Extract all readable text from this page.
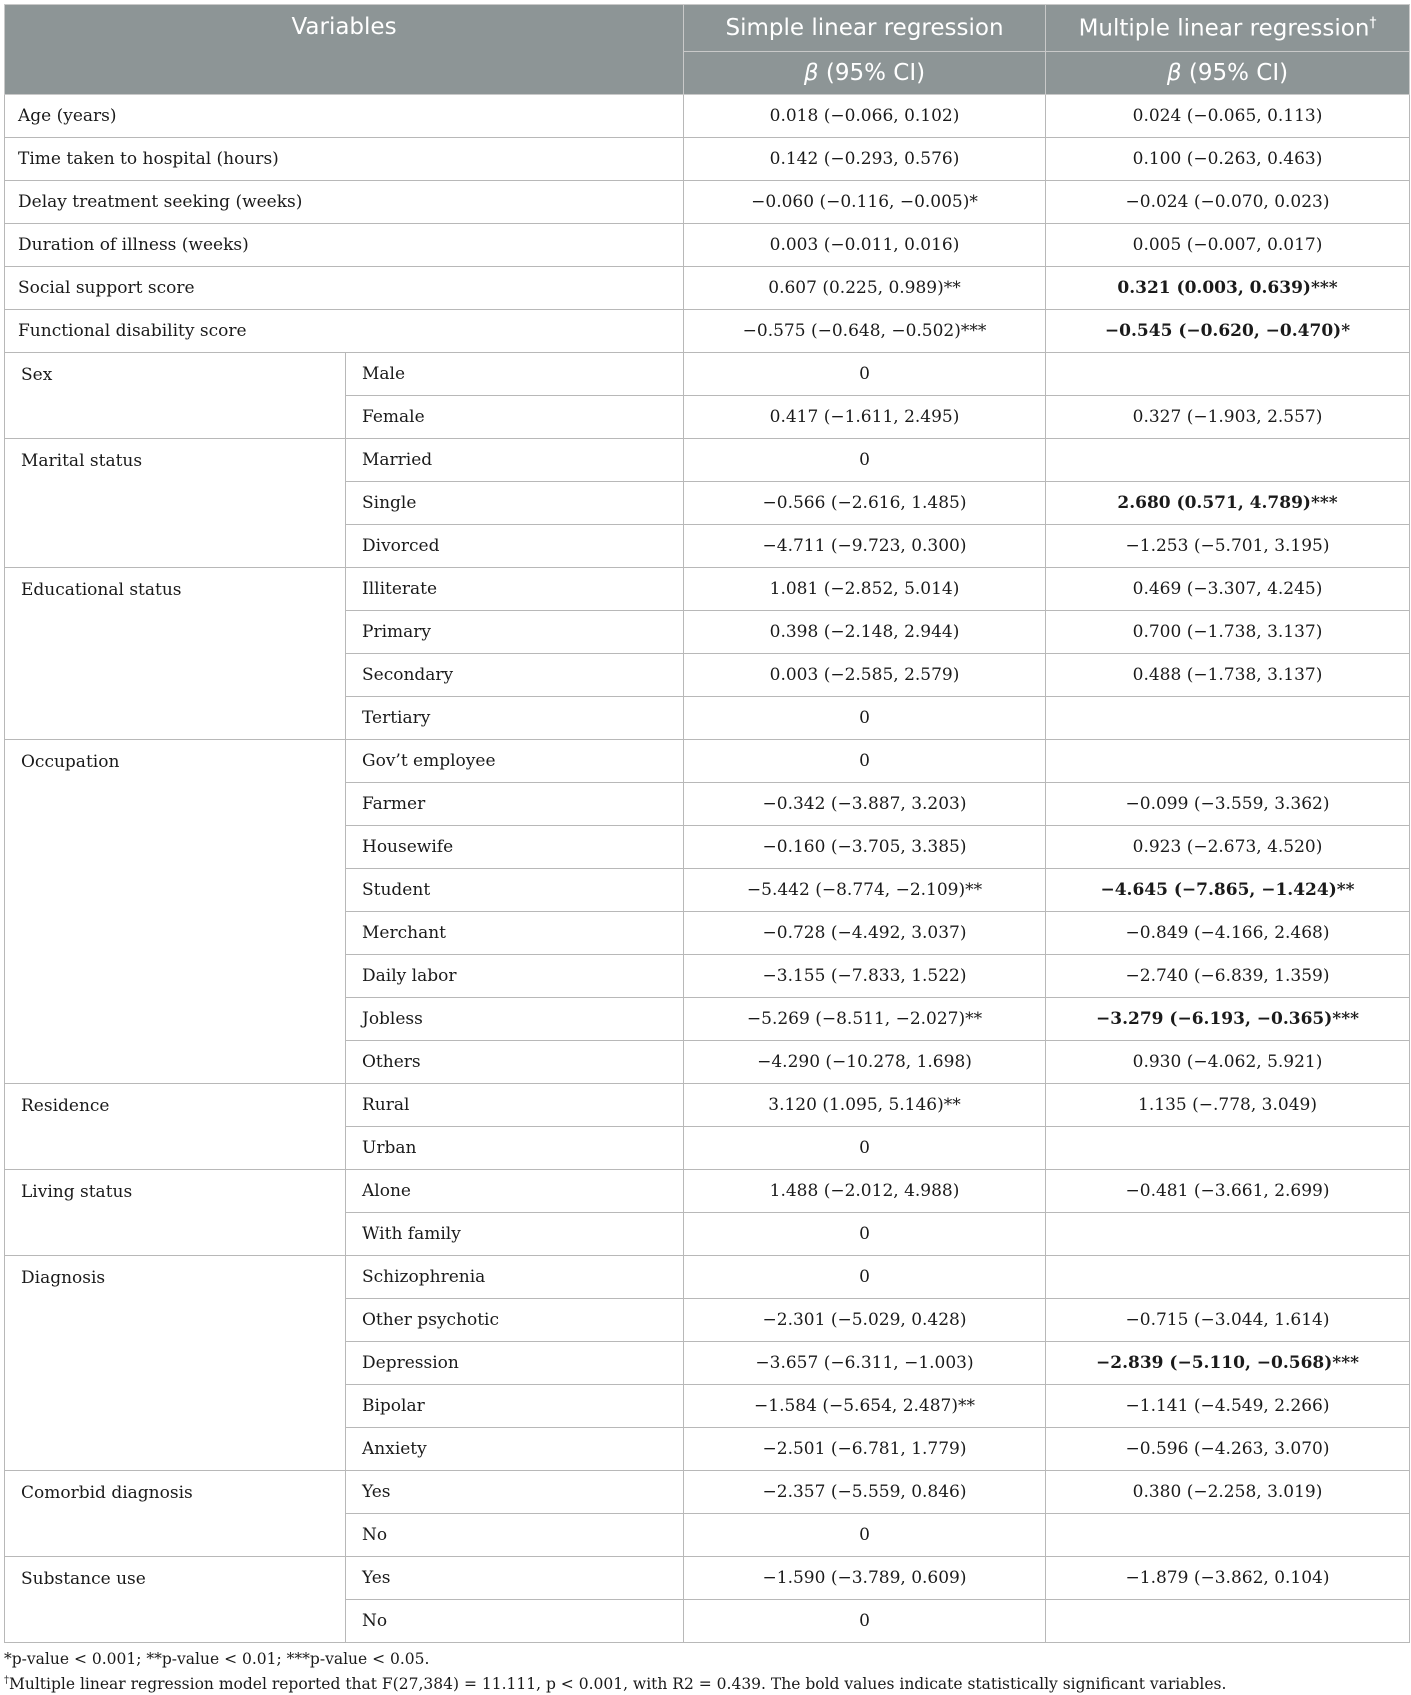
Variables		Simple linear regression	Multiple linear regression†
		β (95% CI)	β (95% CI)
Age (years)		0.018 (−0.066, 0.102)	0.024 (−0.065, 0.113)
Time taken to hospital (hours)		0.142 (−0.293, 0.576)	0.100 (−0.263, 0.463)
Delay treatment seeking (weeks)		−0.060 (−0.116, −0.005)*	−0.024 (−0.070, 0.023)
Duration of illness (weeks)		0.003 (−0.011, 0.016)	0.005 (−0.007, 0.017)
Social support score		0.607 (0.225, 0.989)**	0.321 (0.003, 0.639)***
Functional disability score		−0.575 (−0.648, −0.502)***	−0.545 (−0.620, −0.470)*
Sex	Male	0	
	Female	0.417 (−1.611, 2.495)	0.327 (−1.903, 2.557)
Marital status	Married	0	
	Single	−0.566 (−2.616, 1.485)	2.680 (0.571, 4.789)***
	Divorced	−4.711 (−9.723, 0.300)	−1.253 (−5.701, 3.195)
Educational status	Illiterate	1.081 (−2.852, 5.014)	0.469 (−3.307, 4.245)
	Primary	0.398 (−2.148, 2.944)	0.700 (−1.738, 3.137)
	Secondary	0.003 (−2.585, 2.579)	0.488 (−1.738, 3.137)
	Tertiary	0	
Occupation	Gov’t employee	0	
	Farmer	−0.342 (−3.887, 3.203)	−0.099 (−3.559, 3.362)
	Housewife	−0.160 (−3.705, 3.385)	0.923 (−2.673, 4.520)
	Student	−5.442 (−8.774, −2.109)**	−4.645 (−7.865, −1.424)**
	Merchant	−0.728 (−4.492, 3.037)	−0.849 (−4.166, 2.468)
	Daily labor	−3.155 (−7.833, 1.522)	−2.740 (−6.839, 1.359)
	Jobless	−5.269 (−8.511, −2.027)**	−3.279 (−6.193, −0.365)***
	Others	−4.290 (−10.278, 1.698)	0.930 (−4.062, 5.921)
Residence	Rural	3.120 (1.095, 5.146)**	1.135 (−.778, 3.049)
	Urban	0	
Living status	Alone	1.488 (−2.012, 4.988)	−0.481 (−3.661, 2.699)
	With family	0	
Diagnosis	Schizophrenia	0	
	Other psychotic	−2.301 (−5.029, 0.428)	−0.715 (−3.044, 1.614)
	Depression	−3.657 (−6.311, −1.003)	−2.839 (−5.110, −0.568)***
	Bipolar	−1.584 (−5.654, 2.487)**	−1.141 (−4.549, 2.266)
	Anxiety	−2.501 (−6.781, 1.779)	−0.596 (−4.263, 3.070)
Comorbid diagnosis	Yes	−2.357 (−5.559, 0.846)	0.380 (−2.258, 3.019)
	No	0	
Substance use	Yes	−1.590 (−3.789, 0.609)	−1.879 (−3.862, 0.104)
	No	0	
*p-value < 0.001; **p-value < 0.01; ***p-value < 0.05.
†Multiple linear regression model reported that F(27,384) = 11.111, p < 0.001, with R2 = 0.439. The bold values indicate statistically significant variables.
